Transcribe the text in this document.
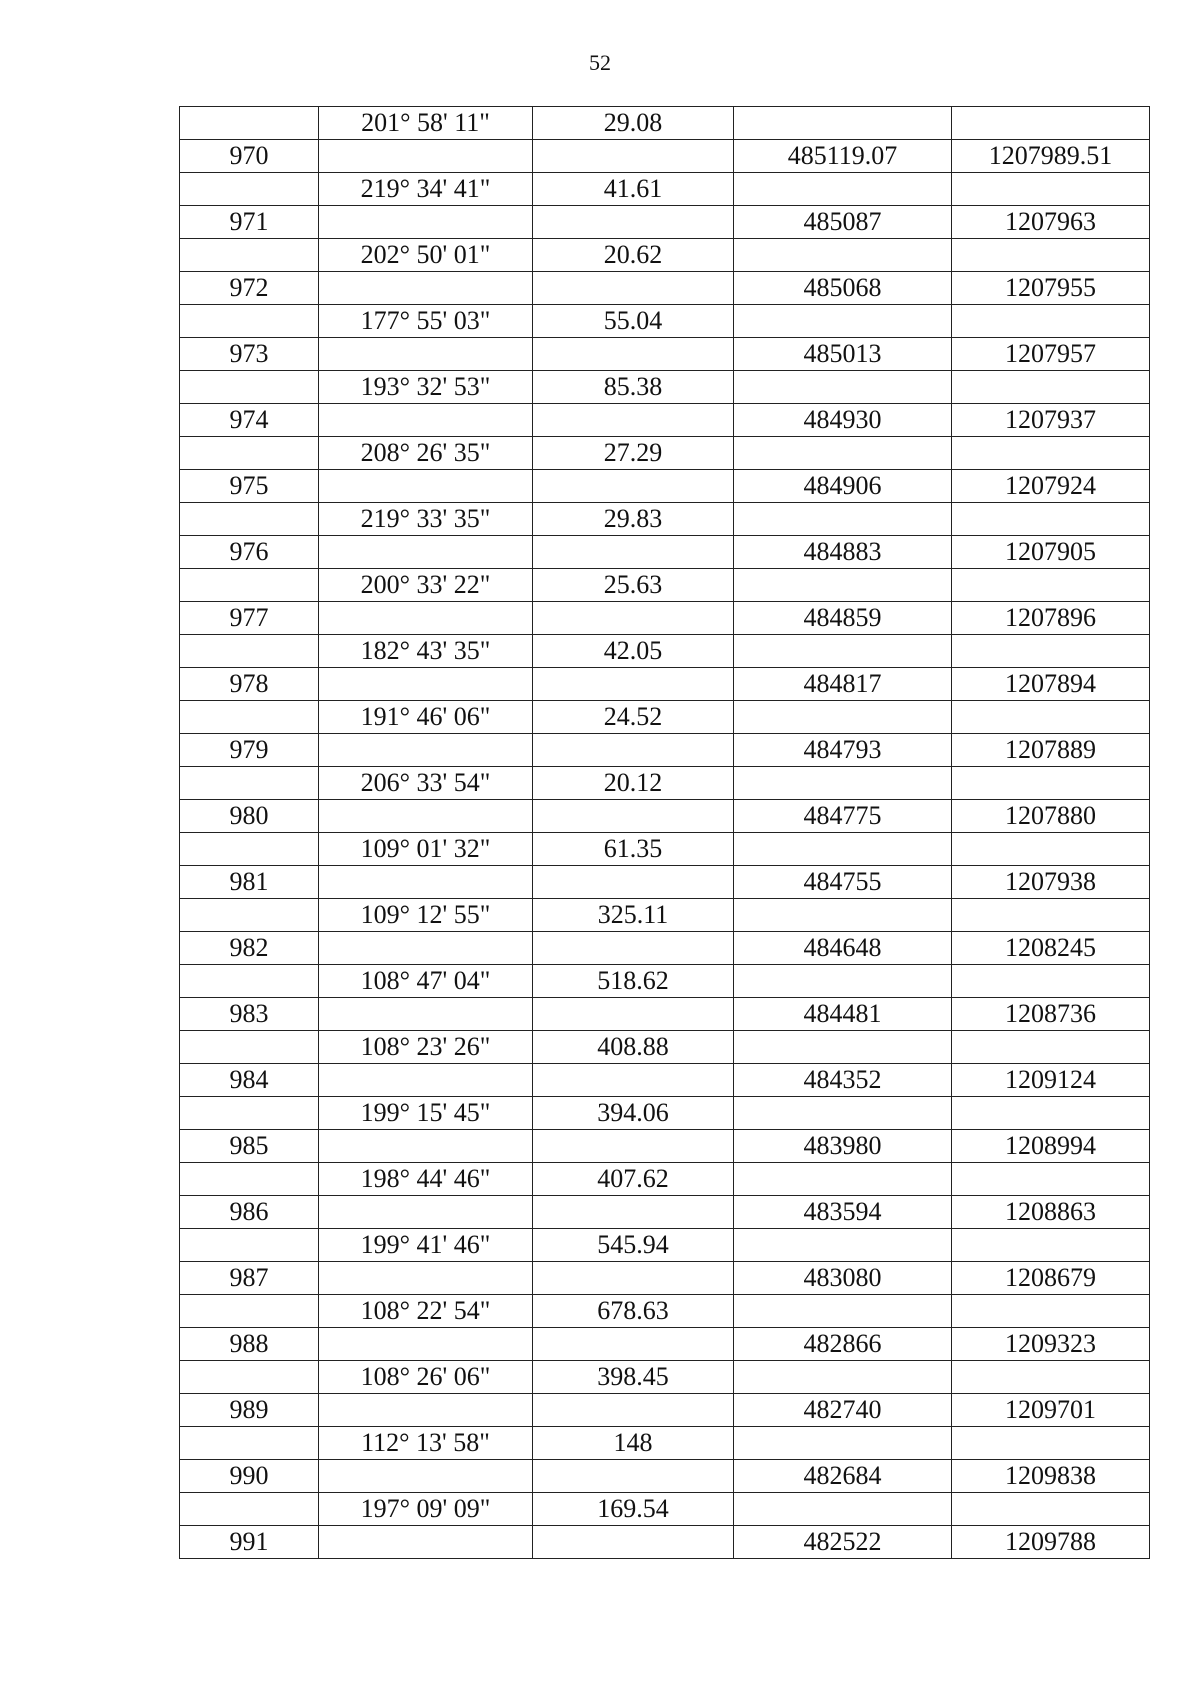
52
	201° 58' 11"	29.08		
970			485119.07	1207989.51
	219° 34' 41"	41.61		
971			485087	1207963
	202° 50' 01"	20.62		
972			485068	1207955
	177° 55' 03"	55.04		
973			485013	1207957
	193° 32' 53"	85.38		
974			484930	1207937
	208° 26' 35"	27.29		
975			484906	1207924
	219° 33' 35"	29.83		
976			484883	1207905
	200° 33' 22"	25.63		
977			484859	1207896
	182° 43' 35"	42.05		
978			484817	1207894
	191° 46' 06"	24.52		
979			484793	1207889
	206° 33' 54"	20.12		
980			484775	1207880
	109° 01' 32"	61.35		
981			484755	1207938
	109° 12' 55"	325.11		
982			484648	1208245
	108° 47' 04"	518.62		
983			484481	1208736
	108° 23' 26"	408.88		
984			484352	1209124
	199° 15' 45"	394.06		
985			483980	1208994
	198° 44' 46"	407.62		
986			483594	1208863
	199° 41' 46"	545.94		
987			483080	1208679
	108° 22' 54"	678.63		
988			482866	1209323
	108° 26' 06"	398.45		
989			482740	1209701
	112° 13' 58"	148		
990			482684	1209838
	197° 09' 09"	169.54		
991			482522	1209788
